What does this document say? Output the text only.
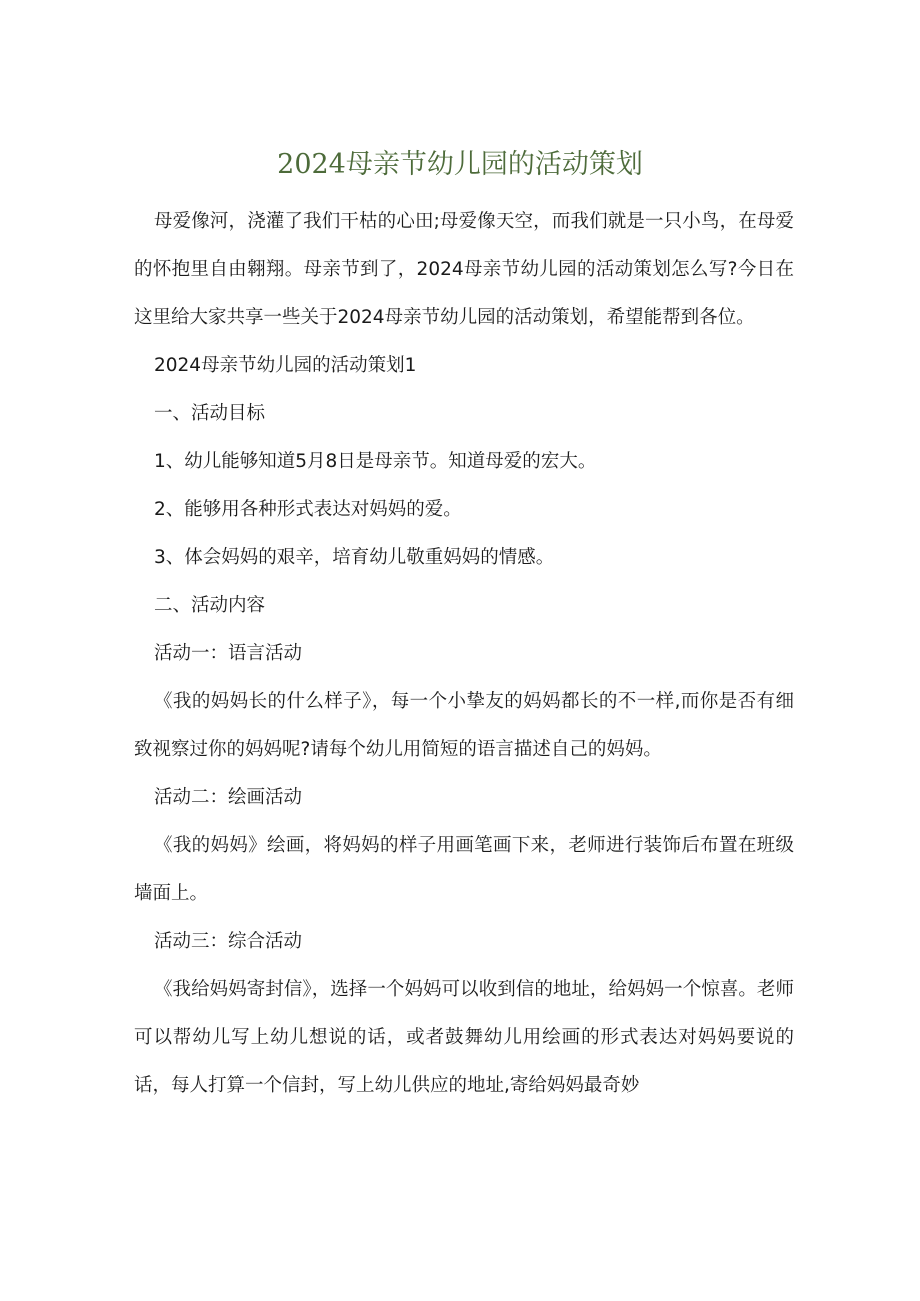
2024母亲节幼儿园的活动策划

母爱像河，浇灌了我们干枯的心田;母爱像天空，而我们就是一只小鸟，在母爱的怀抱里自由翱翔。母亲节到了，2024母亲节幼儿园的活动策划怎么写?今日在这里给大家共享一些关于2024母亲节幼儿园的活动策划，希望能帮到各位。

2024母亲节幼儿园的活动策划1

一、活动目标

1、幼儿能够知道5月8日是母亲节。知道母爱的宏大。

2、能够用各种形式表达对妈妈的爱。

3、体会妈妈的艰辛，培育幼儿敬重妈妈的情感。

二、活动内容

活动一：语言活动

《我的妈妈长的什么样子》，每一个小挚友的妈妈都长的不一样,而你是否有细致视察过你的妈妈呢?请每个幼儿用简短的语言描述自己的妈妈。

活动二：绘画活动

《我的妈妈》绘画，将妈妈的样子用画笔画下来，老师进行装饰后布置在班级墙面上。

活动三：综合活动

《我给妈妈寄封信》，选择一个妈妈可以收到信的地址，给妈妈一个惊喜。老师可以帮幼儿写上幼儿想说的话，或者鼓舞幼儿用绘画的形式表达对妈妈要说的话，每人打算一个信封，写上幼儿供应的地址,寄给妈妈最奇妙
